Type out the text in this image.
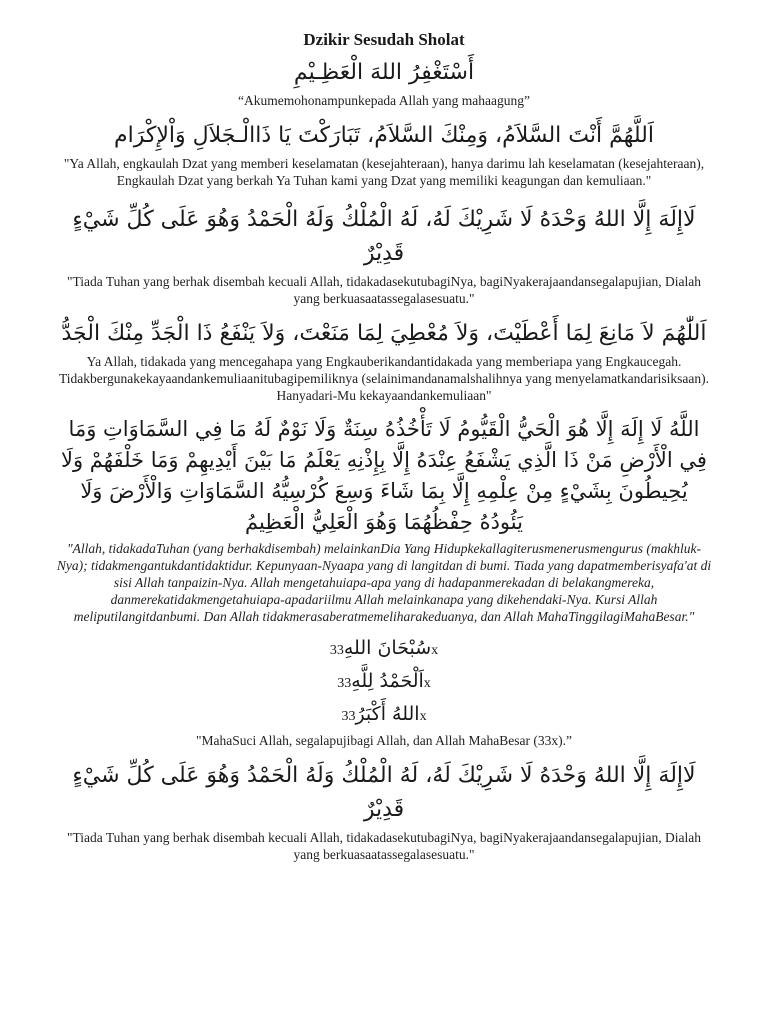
Dzikir Sesudah Sholat
أَسْتَغْفِرُ اللهَ الْعَظِـيْمِ

“Akumemohonampunkepada Allah yang mahaagung”

اَللَّهُمَّ أَنْتَ السَّلاَمُ، وَمِنْكَ السَّلاَمُ، تَبَارَكْتَ يَا ذَاالْـجَلاَلِ وَاْلإِكْرَام

"Ya Allah, engkaulah Dzat yang memberi keselamatan (kesejahteraan), hanya darimu lah keselamatan (kesejahteraan), Engkaulah Dzat yang berkah Ya Tuhan kami yang Dzat yang memiliki keagungan dan kemuliaan."

لَاإِلَهَ إِلَّا اللهُ وَحْدَهُ لَا شَرِيْكَ لَهُ، لَهُ الْمُلْكُ وَلَهُ الْحَمْدُ وَهُوَ عَلَى كُلِّ شَيْءٍ قَدِيْرٌ

"Tiada Tuhan yang berhak disembah kecuali Allah, tidakadasekutubagiNya, bagiNyakerajaandansegalapujian, Dialah yang berkuasaatassegalasesuatu."

اَللّٰهُمَ لاَ مَانِعَ لِمَا أَعْطَيْتَ، وَلاَ مُعْطِيَ لِمَا مَنَعْتَ، وَلاَ يَنْفَعُ ذَا الْجَدِّ مِنْكَ الْجَدُّ

Ya Allah, tidakada yang mencegahapa yang Engkauberikandantidakada yang memberiapa yang Engkaucegah. Tidakbergunakekayaandankemuliaanitubagipemiliknya (selainimandanamalshalihnya yang menyelamatkandarisiksaan). Hanyadari-Mu kekayaandankemuliaan"

اللَّهُ لَا إِلَهَ إِلَّا هُوَ الْحَيُّ الْقَيُّومُ لَا تَأْخُذُهُ سِنَةٌ وَلَا نَوْمٌ لَهُ مَا فِي السَّمَاوَاتِ وَمَا فِي الْأَرْضِ مَنْ ذَا الَّذِي يَشْفَعُ عِنْدَهُ إِلَّا بِإِذْنِهِ يَعْلَمُ مَا بَيْنَ أَيْدِيهِمْ وَمَا خَلْفَهُمْ وَلَا يُحِيطُونَ بِشَيْءٍ مِنْ عِلْمِهِ إِلَّا بِمَا شَاءَ وَسِعَ كُرْسِيُّهُ السَّمَاوَاتِ وَالْأَرْضَ وَلَا يَئُودُهُ حِفْظُهُمَا وَهُوَ الْعَلِيُّ الْعَظِيمُ

"Allah, tidakadaTuhan (yang berhakdisembah) melainkanDia Yang Hidupkekallagiterusmenerusmengurus (makhluk-Nya); tidakmengantukdantidaktidur. Kepunyaan-Nyaapa yang di langitdan di bumi. Tiada yang dapatmemberisyafa'at di sisi Allah tanpaizin-Nya. Allah mengetahuiapa-apa yang di hadapanmerekadan di belakangmereka, danmerekatidakmengetahuiapa-apadariilmu Allah melainkanapa yang dikehendaki-Nya. Kursi Allah meliputilangitdanbumi. Dan Allah tidakmerasaberatmemeliharakeduanya, dan Allah MahaTinggilagiMahaBesar."

33 سُبْحَانَ اللهِ x
33 اَلْحَمْدُ لِلَّهِ x
33 اللهُ أَكْبَرُ x

"MahaSuci Allah, segalapujibagi Allah, dan Allah MahaBesar (33x).”

لَاإِلَهَ إِلَّا اللهُ وَحْدَهُ لَا شَرِيْكَ لَهُ، لَهُ الْمُلْكُ وَلَهُ الْحَمْدُ وَهُوَ عَلَى كُلِّ شَيْءٍ قَدِيْرٌ

"Tiada Tuhan yang berhak disembah kecuali Allah, tidakadasekutubagiNya, bagiNyakerajaandansegalapujian, Dialah yang berkuasaatassegalasesuatu."
